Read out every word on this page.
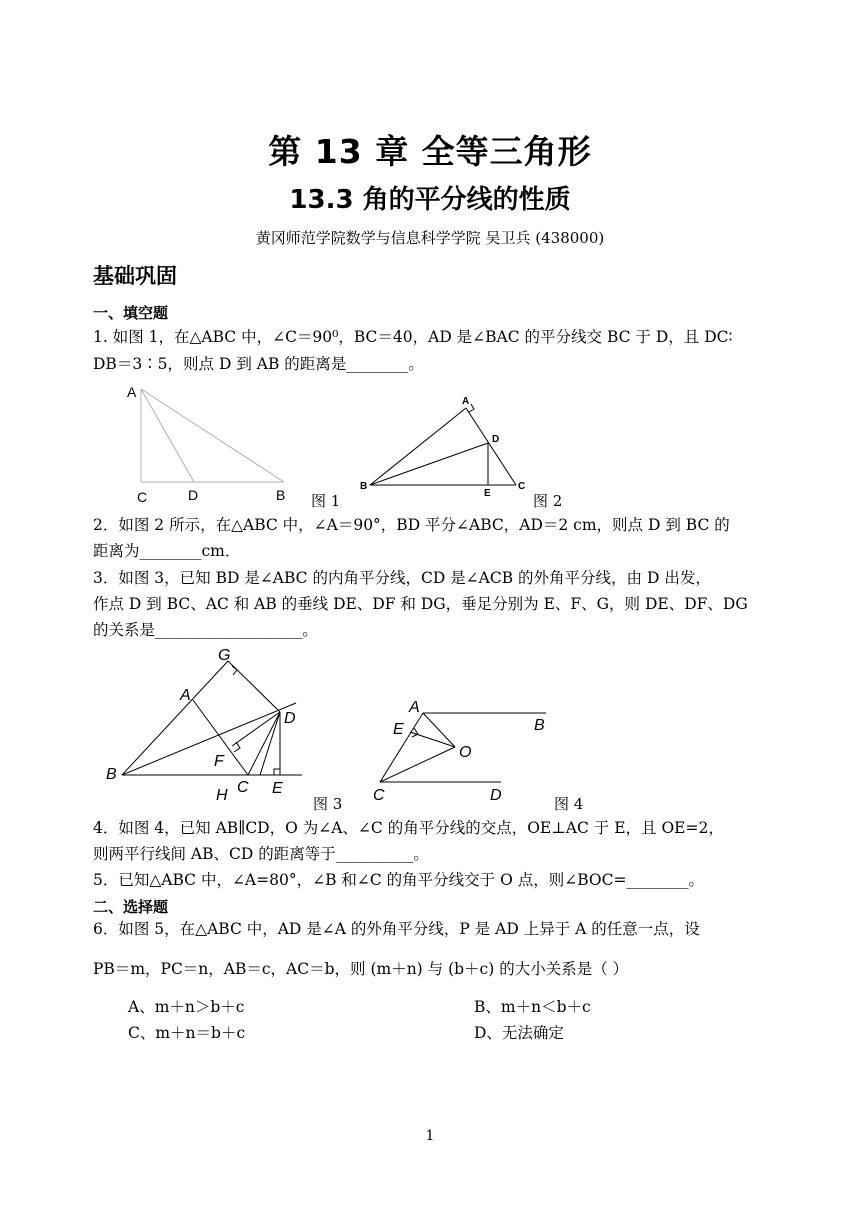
第 13 章 全等三角形
13.3 角的平分线的性质
黄冈师范学院数学与信息科学学院 吴卫兵 (438000)
基础巩固
一、填空题
1. 如图 1，在△ABC 中，∠C＝90⁰，BC＝40，AD 是∠BAC 的平分线交 BC 于 D，且 DC∶
DB＝3∶5，则点 D 到 AB 的距离是________。
A
C	D	B 图 1
A
D
B
E
C
图 2
2．如图 2 所示，在△ABC 中，∠A＝90°，BD 平分∠ABC，AD＝2 cm，则点 D 到 BC 的
距离为________cm．
3．如图 3，已知 BD 是∠ABC 的内角平分线，CD 是∠ACB 的外角平分线，由 D 出发，
作点 D 到 BC、AC 和 AB 的垂线 DE、DF 和 DG，垂足分别为 E、F、G，则 DE、DF、DG
的关系是___________________。
G
A
D
F
B
C
H	E
图 3
A
B
E
O
C	D	图 4
4．如图 4，已知 AB∥CD，O 为∠A、∠C 的角平分线的交点，OE⊥AC 于 E，且 OE=2，
则两平行线间 AB、CD 的距离等于__________。
5．已知△ABC 中，∠A=80°，∠B 和∠C 的角平分线交于 O 点，则∠BOC=________。
二、选择题
6．如图 5，在△ABC 中，AD 是∠A 的外角平分线，P 是 AD 上异于 A 的任意一点，设
PB＝m，PC＝n，AB＝c，AC＝b，则 (m＋n) 与 (b＋c) 的大小关系是（ ）
A、m＋n＞b＋c	B、m＋n＜b＋c
C、m＋n＝b＋c	D、无法确定
1
